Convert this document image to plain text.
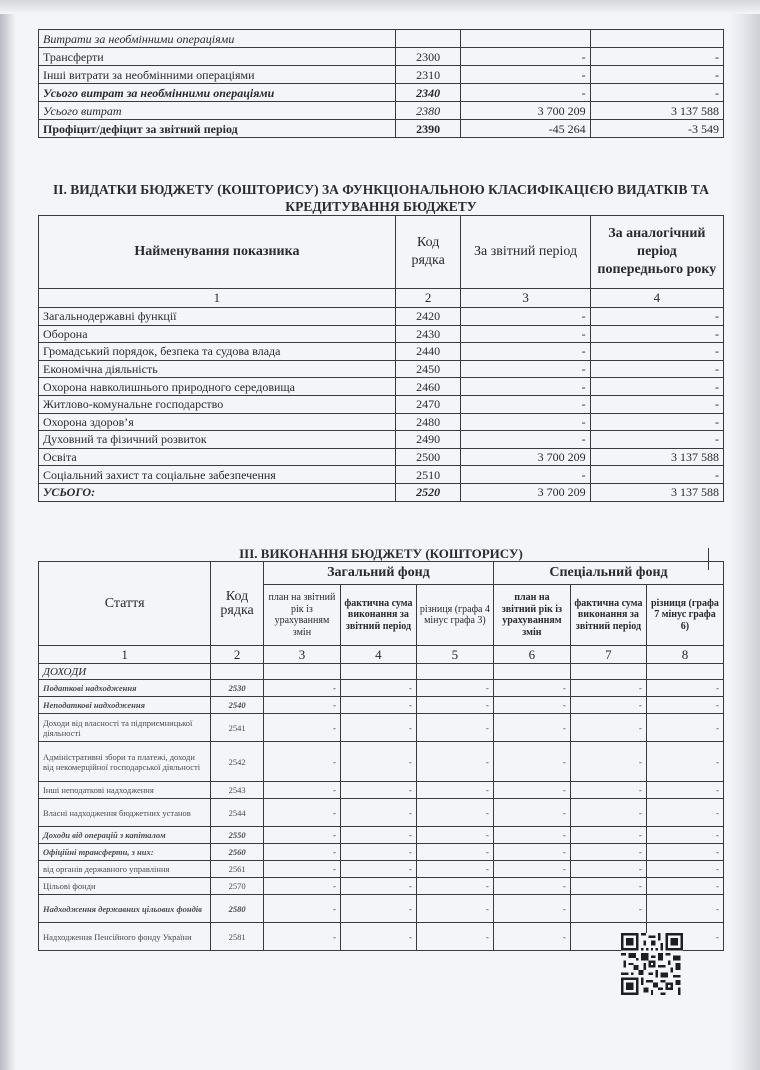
Витрати за необмінними операціями			
Трансферти	2300	-	-
Інші витрати за необмінними операціями	2310	-	-
Усього витрат за необмінними операціями	2340	-	-
Усього витрат	2380	3 700 209	3 137 588
Профіцит/дефіцит за звітний період	2390	-45 264	-3 549
ІІ. ВИДАТКИ БЮДЖЕТУ (КОШТОРИСУ) ЗА ФУНКЦІОНАЛЬНОЮ КЛАСИФІКАЦІЄЮ ВИДАТКІВ ТА
КРЕДИТУВАННЯ БЮДЖЕТУ
Найменування показника	Код рядка	За звітний період	За аналогічний період попереднього року
1	2	3	4
Загальнодержавні функції	2420	-	-
Оборона	2430	-	-
Громадський порядок, безпека та судова влада	2440	-	-
Економічна діяльність	2450	-	-
Охорона навколишнього природного середовища	2460	-	-
Житлово-комунальне господарство	2470	-	-
Охорона здоров’я	2480	-	-
Духовний та фізичний розвиток	2490	-	-
Освіта	2500	3 700 209	3 137 588
Соціальний захист та соціальне забезпечення	2510	-	-
УСЬОГО:	2520	3 700 209	3 137 588
ІІІ. ВИКОНАННЯ БЮДЖЕТУ (КОШТОРИСУ)
Стаття	Код рядка	Загальний фонд			Спеціальний фонд		
		план на звітний рік із урахуванням змін	фактична сума виконання за звітний період	різниця (графа 4 мінус графа 3)	план на звітний рік із урахуванням змін	фактична сума виконання за звітний період	різниця (графа 7 мінус графа 6)
1	2	3	4	5	6	7	8
ДОХОДИ							
Податкові надходження	2530	-	-	-	-	-	-
Неподаткові надходження	2540	-	-	-	-	-	-
Доходи від власності та підприємницької діяльності	2541	-	-	-	-	-	-
Адміністративні збори та платежі, доходи від некомерційної господарської діяльності	2542	-	-	-	-	-	-
Інші неподаткові надходження	2543	-	-	-	-	-	-
Власні надходження бюджетних установ	2544	-	-	-	-	-	-
Доходи від операцій з капіталом	2550	-	-	-	-	-	-
Офіційні трансферти, з них:	2560	-	-	-	-	-	-
від органів державного управління	2561	-	-	-	-	-	-
Цільові фонди	2570	-	-	-	-	-	-
Надходження державних цільових фондів	2580	-	-	-	-	-	-
Надходження Пенсійного фонду України	2581	-	-	-	-		-
